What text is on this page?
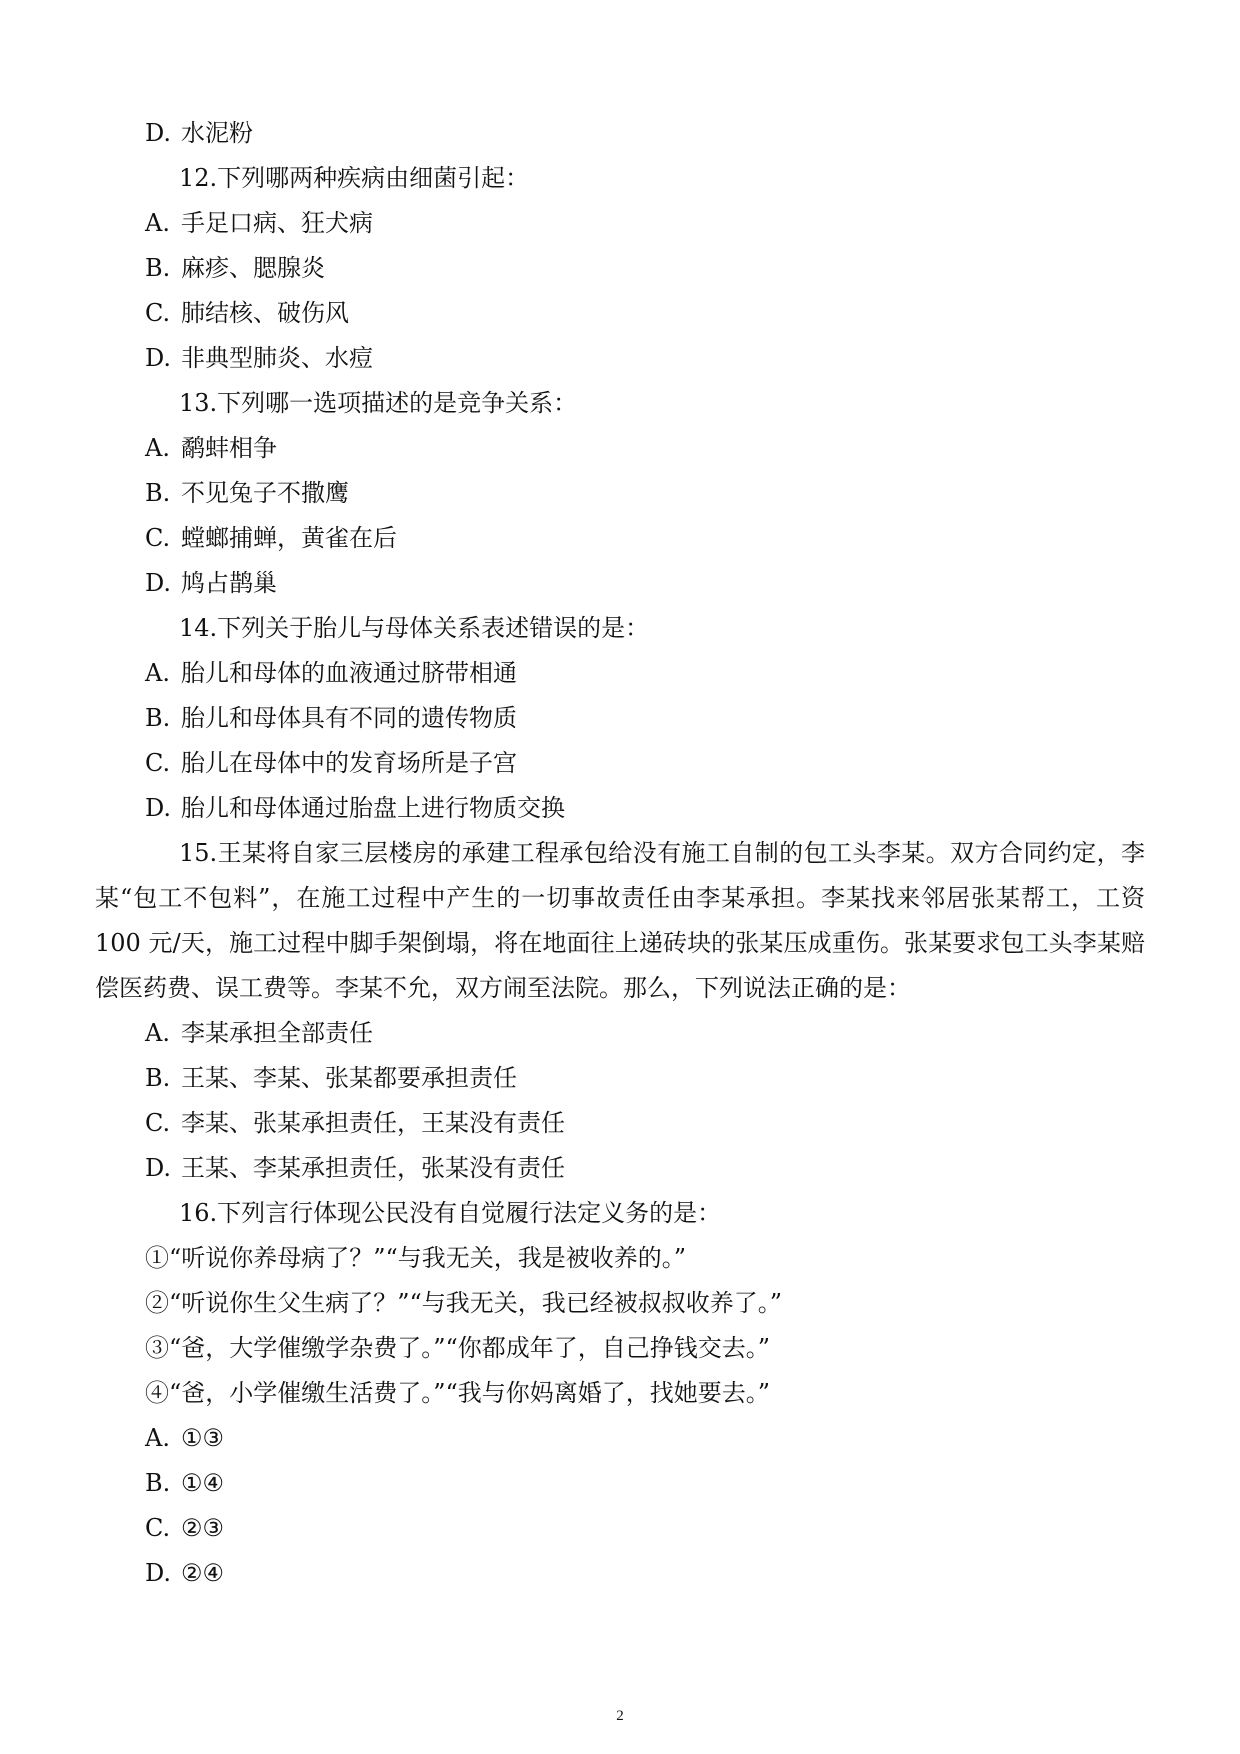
D. 水泥粉
12.下列哪两种疾病由细菌引起：
A. 手足口病、狂犬病
B. 麻疹、腮腺炎
C. 肺结核、破伤风
D. 非典型肺炎、水痘
13.下列哪一选项描述的是竞争关系：
A. 鹬蚌相争
B. 不见兔子不撒鹰
C. 螳螂捕蝉，黄雀在后
D. 鸠占鹊巢
14.下列关于胎儿与母体关系表述错误的是：
A. 胎儿和母体的血液通过脐带相通
B. 胎儿和母体具有不同的遗传物质
C. 胎儿在母体中的发育场所是子宫
D. 胎儿和母体通过胎盘上进行物质交换
15.王某将自家三层楼房的承建工程承包给没有施工自制的包工头李某。双方合同约定，李某“包工不包料”，在施工过程中产生的一切事故责任由李某承担。李某找来邻居张某帮工，工资 100 元/天，施工过程中脚手架倒塌，将在地面往上递砖块的张某压成重伤。张某要求包工头李某赔偿医药费、误工费等。李某不允，双方闹至法院。那么，下列说法正确的是：
A. 李某承担全部责任
B. 王某、李某、张某都要承担责任
C. 李某、张某承担责任，王某没有责任
D. 王某、李某承担责任，张某没有责任
16.下列言行体现公民没有自觉履行法定义务的是：
①“听说你养母病了？”“与我无关，我是被收养的。”
②“听说你生父生病了？”“与我无关，我已经被叔叔收养了。”
③“爸，大学催缴学杂费了。”“你都成年了，自己挣钱交去。”
④“爸，小学催缴生活费了。”“我与你妈离婚了，找她要去。”
A. ①③
B. ①④
C. ②③
D. ②④
2
